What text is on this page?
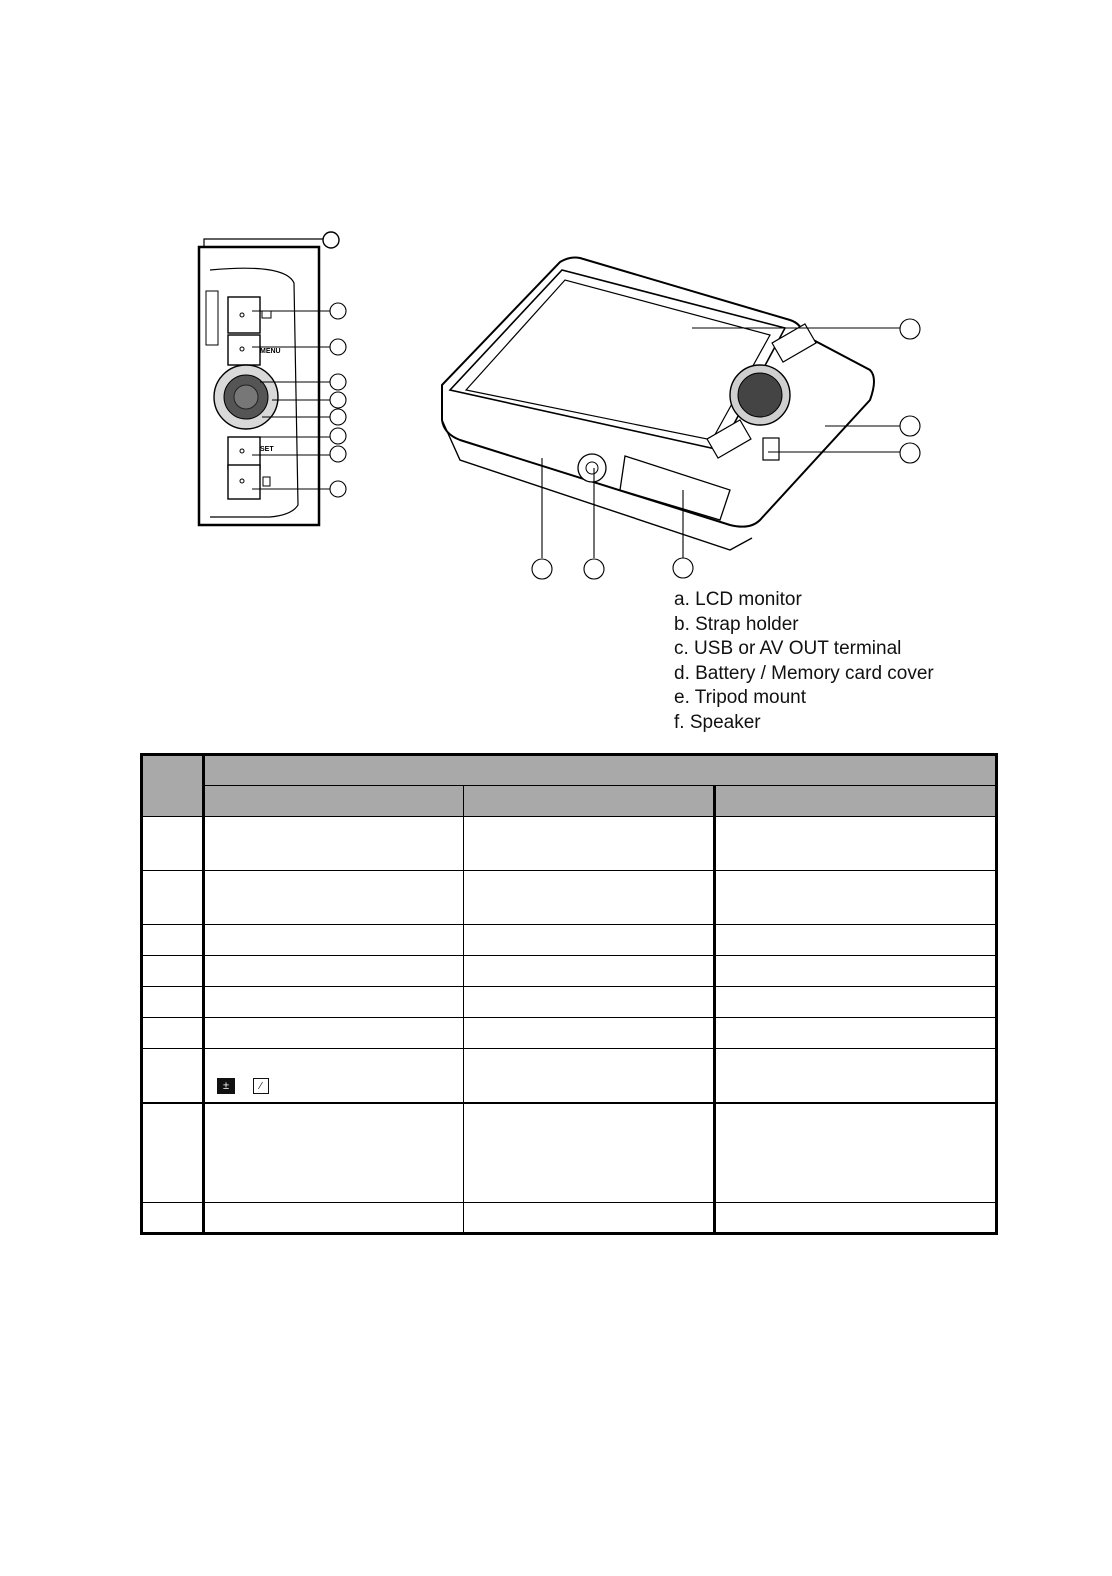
MENU
SET
a. LCD monitor
b. Strap holder
c. USB or AV OUT terminal
d. Battery / Memory card cover
e. Tripod mount
f. Speaker

	± ⁄		
